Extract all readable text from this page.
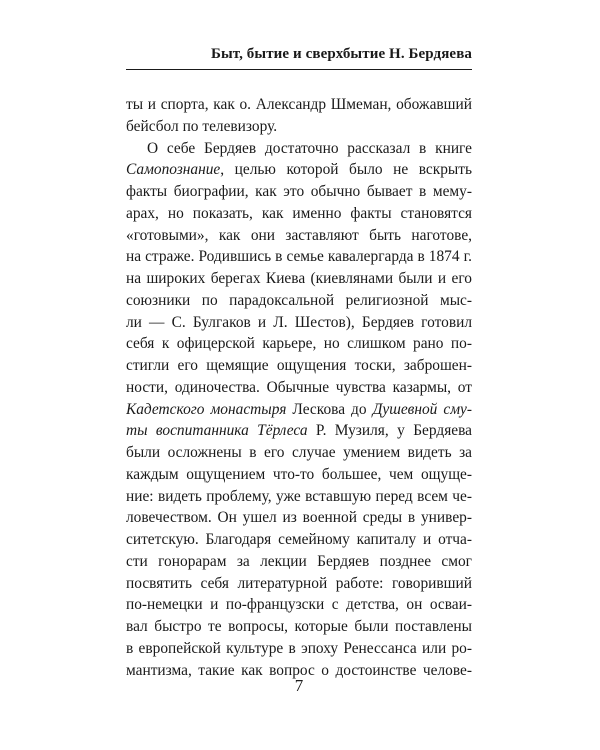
Быт, бытие и сверхбытие Н. Бердяева
ты и спорта, как о. Александр Шмеман, обожавший
бейсбол по телевизору.
О себе Бердяев достаточно рассказал в книге
Самопознание, целью которой было не вскрыть
факты биографии, как это обычно бывает в мему-
арах, но показать, как именно факты становятся
«готовыми», как они заставляют быть наготове,
на страже. Родившись в семье кавалергарда в 1874 г.
на широких берегах Киева (киевлянами были и его
союзники по парадоксальной религиозной мыс-
ли — С. Булгаков и Л. Шестов), Бердяев готовил
себя к офицерской карьере, но слишком рано по-
стигли его щемящие ощущения тоски, заброшен-
ности, одиночества. Обычные чувства казармы, от
Кадетского монастыря Лескова до Душевной сму-
ты воспитанника Тёрлеса Р. Музиля, у Бердяева
были осложнены в его случае умением видеть за
каждым ощущением что-то большее, чем ощуще-
ние: видеть проблему, уже вставшую перед всем че-
ловечеством. Он ушел из военной среды в универ-
ситетскую. Благодаря семейному капиталу и отча-
сти гонорарам за лекции Бердяев позднее смог
посвятить себя литературной работе: говоривший
по-немецки и по-французски с детства, он осваи-
вал быстро те вопросы, которые были поставлены
в европейской культуре в эпоху Ренессанса или ро-
мантизма, такие как вопрос о достоинстве челове-
7
